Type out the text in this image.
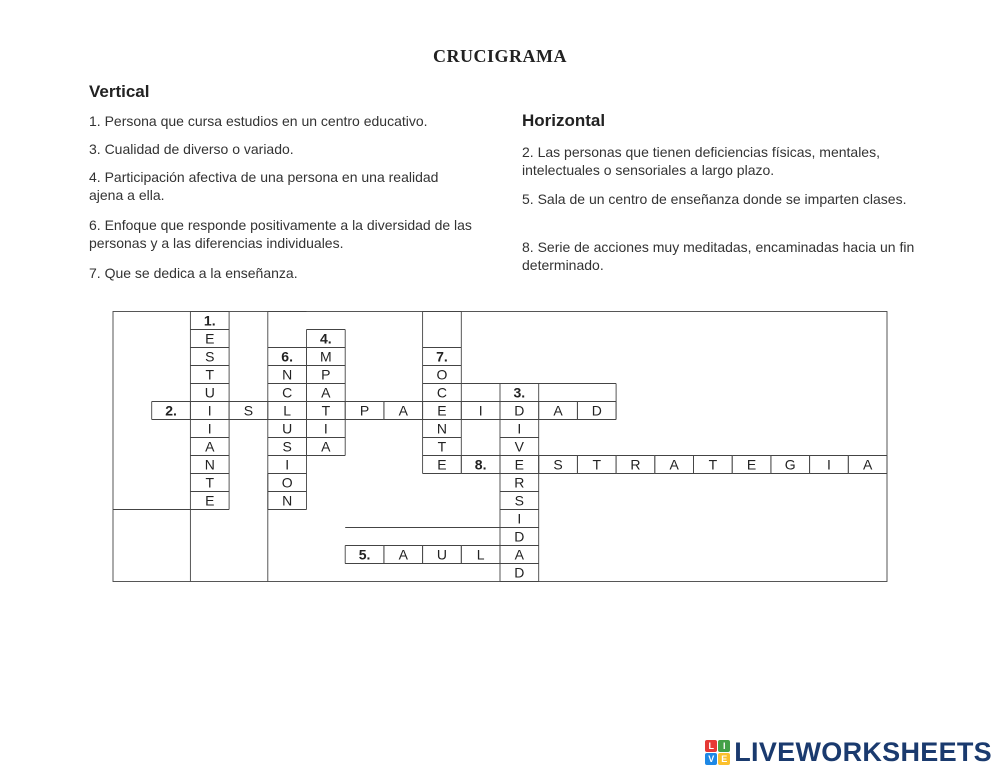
CRUCIGRAMA
Vertical
1. Persona que cursa estudios en un centro educativo.
3. Cualidad de diverso o variado.
4. Participación afectiva de una persona en una realidad ajena a ella.
6. Enfoque que responde positivamente a la diversidad de las personas y a las diferencias individuales.
7. Que se dedica a la enseñanza.
Horizontal
2. Las personas que tienen deficiencias físicas, mentales, intelectuales o sensoriales a largo plazo.
5. Sala de un centro de enseñanza donde se imparten clases.
8. Serie de acciones muy meditadas, encaminadas hacia un fin determinado.
E
S
T
U
I
I
A
N
T
E
2.	S L T P A E I D A D
I
V
E
R
S
I
D
A
D
4.
M
P
A
I
A
A U L
6.
N
C
U
S
I
O
N
7.
O
C
N
T
E	S T R A T E G I A
1.
3.
5.
8.
L I
V E LIVEWORKSHEETS
